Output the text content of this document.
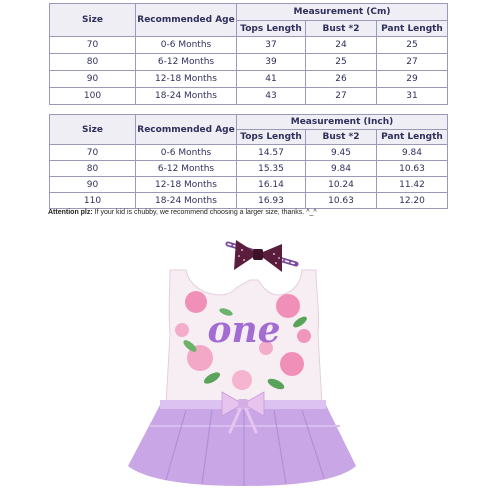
Size	Recommended Age	Measurement (Cm)		
		Tops Length	Bust *2	Pant Length
70	0-6 Months	37	24	25
80	6-12 Months	39	25	27
90	12-18 Months	41	26	29
100	18-24 Months	43	27	31
Size	Recommended Age	Measurement (Inch)		
		Tops Length	Bust *2	Pant Length
70	0-6 Months	14.57	9.45	9.84
80	6-12 Months	15.35	9.84	10.63
90	12-18 Months	16.14	10.24	11.42
110	18-24 Months	16.93	10.63	12.20
Attention plz: If your kid is chubby, we recommend choosing a larger size, thanks. ^_^
one
